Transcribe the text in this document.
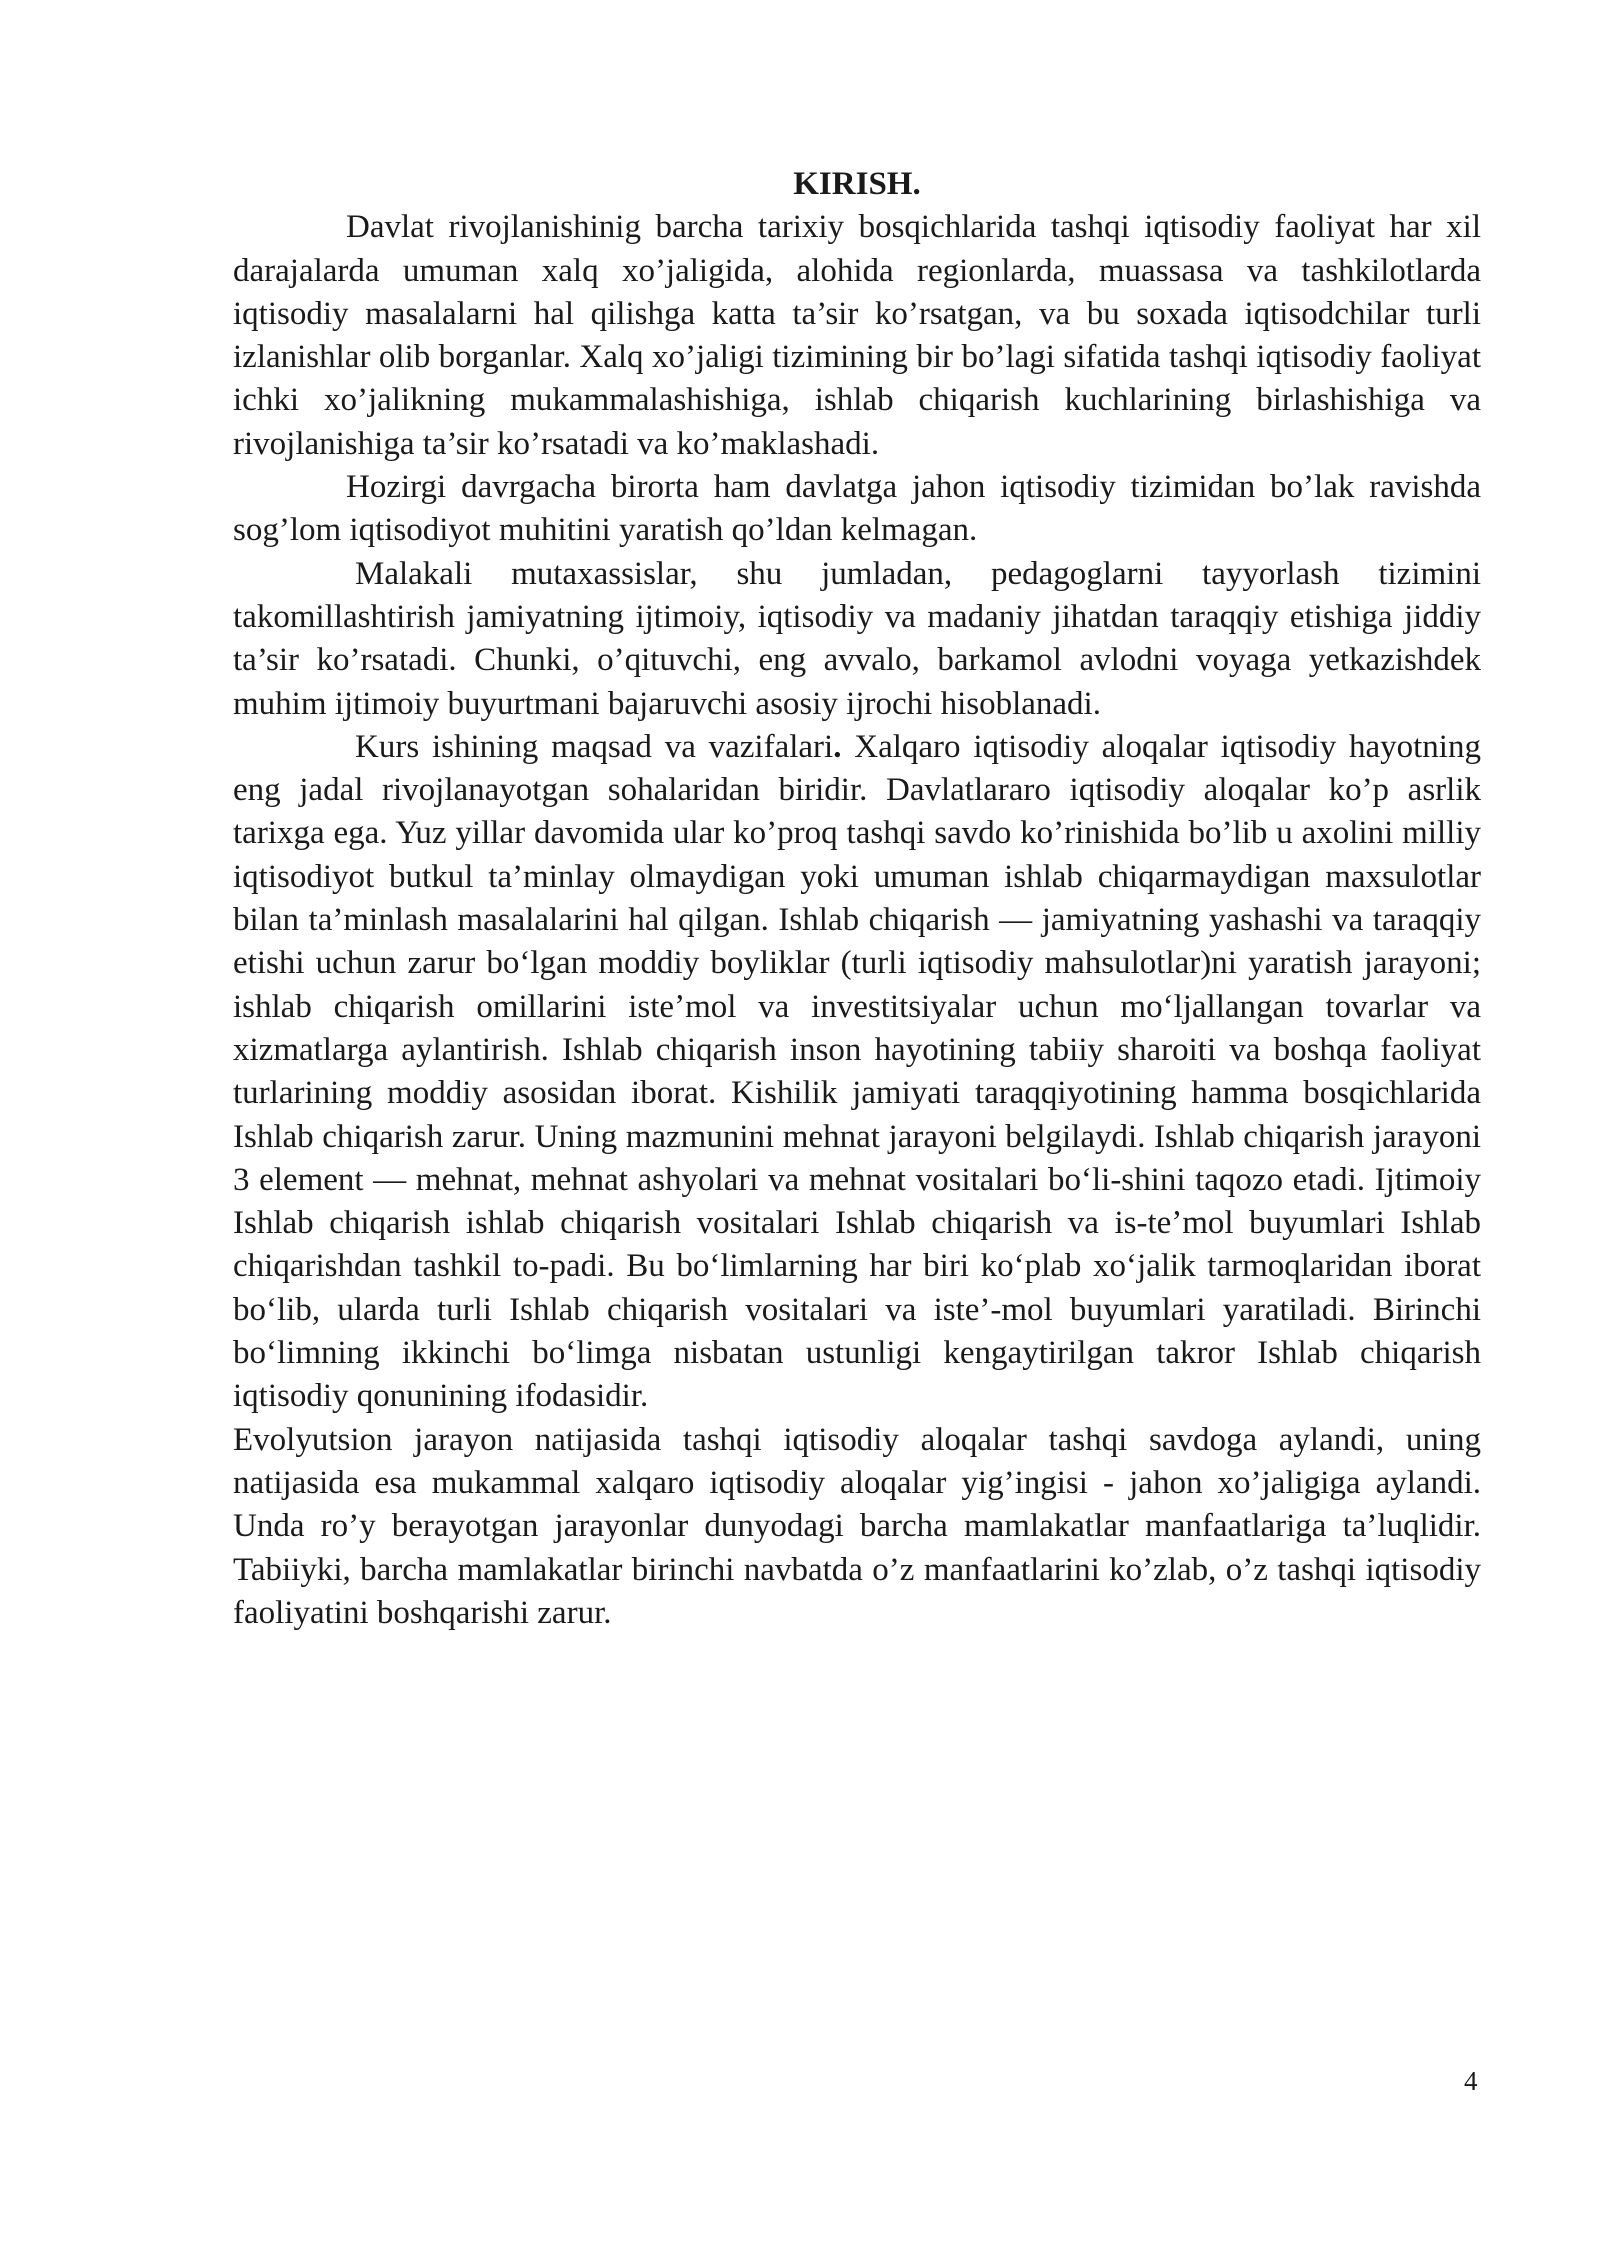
KIRISH.

Davlat rivojlanishinig barcha tarixiy bosqichlarida tashqi iqtisodiy faoliyat har xil darajalarda umuman xalq xo’jaligida, alohida regionlarda, muassasa va tashkilotlarda iqtisodiy masalalarni hal qilishga katta ta’sir ko’rsatgan, va bu soxada iqtisodchilar turli izlanishlar olib borganlar. Xalq xo’jaligi tizimining bir bo’lagi sifatida tashqi iqtisodiy faoliyat ichki xo’jalikning mukammalashishiga, ishlab chiqarish kuchlarining birlashishiga va rivojlanishiga ta’sir ko’rsatadi va ko’maklashadi.

Hozirgi davrgacha birorta ham davlatga jahon iqtisodiy tizimidan bo’lak ravishda sog’lom iqtisodiyot muhitini yaratish qo’ldan kelmagan.

Malakali mutaxassislar, shu jumladan, pedagoglarni tayyorlash tizimini takomillashtirish jamiyatning ijtimoiy, iqtisodiy va madaniy jihatdan taraqqiy etishiga jiddiy ta’sir ko’rsatadi. Chunki, o’qituvchi, eng avvalo, barkamol avlodni voyaga yetkazishdek muhim ijtimoiy buyurtmani bajaruvchi asosiy ijrochi hisoblanadi.

Kurs ishining maqsad va vazifalari. Xalqaro iqtisodiy aloqalar iqtisodiy hayotning eng jadal rivojlanayotgan sohalaridan biridir. Davlatlararo iqtisodiy aloqalar ko’p asrlik tarixga ega. Yuz yillar davomida ular ko’proq tashqi savdo ko’rinishida bo’lib u axolini milliy iqtisodiyot butkul ta’minlay olmaydigan yoki umuman ishlab chiqarmaydigan maxsulotlar bilan ta’minlash masalalarini hal qilgan. Ishlab chiqarish — jamiyatning yashashi va taraqqiy etishi uchun zarur boʻlgan moddiy boyliklar (turli iqtisodiy mahsulotlar)ni yaratish jarayoni; ishlab chiqarish omillarini isteʼmol va investitsiyalar uchun moʻljallangan tovarlar va xizmatlarga aylantirish. Ishlab chiqarish inson hayotining tabiiy sharoiti va boshqa faoliyat turlarining moddiy asosidan iborat. Kishilik jamiyati taraqqiyotining hamma bosqichlarida Ishlab chiqarish zarur. Uning mazmunini mehnat jarayoni belgilaydi. Ishlab chiqarish jarayoni 3 element — mehnat, mehnat ashyolari va mehnat vositalari boʻli-shini taqozo etadi. Ijtimoiy Ishlab chiqarish ishlab chiqarish vositalari Ishlab chiqarish va is-teʼmol buyumlari Ishlab chiqarishdan tashkil to-padi. Bu boʻlimlarning har biri koʻplab xoʻjalik tarmoqlaridan iborat boʻlib, ularda turli Ishlab chiqarish vositalari va iste’-mol buyumlari yaratiladi. Birinchi boʻlimning ikkinchi boʻlimga nisbatan ustunligi kengaytirilgan takror Ishlab chiqarish iqtisodiy qonunining ifodasidir.

Evolyutsion jarayon natijasida tashqi iqtisodiy aloqalar tashqi savdoga aylandi, uning natijasida esa mukammal xalqaro iqtisodiy aloqalar yig’ingisi - jahon xo’jaligiga aylandi. Unda ro’y berayotgan jarayonlar dunyodagi barcha mamlakatlar manfaatlariga ta’luqlidir. Tabiiyki, barcha mamlakatlar birinchi navbatda o’z manfaatlarini ko’zlab, o’z tashqi iqtisodiy faoliyatini boshqarishi zarur.

4
